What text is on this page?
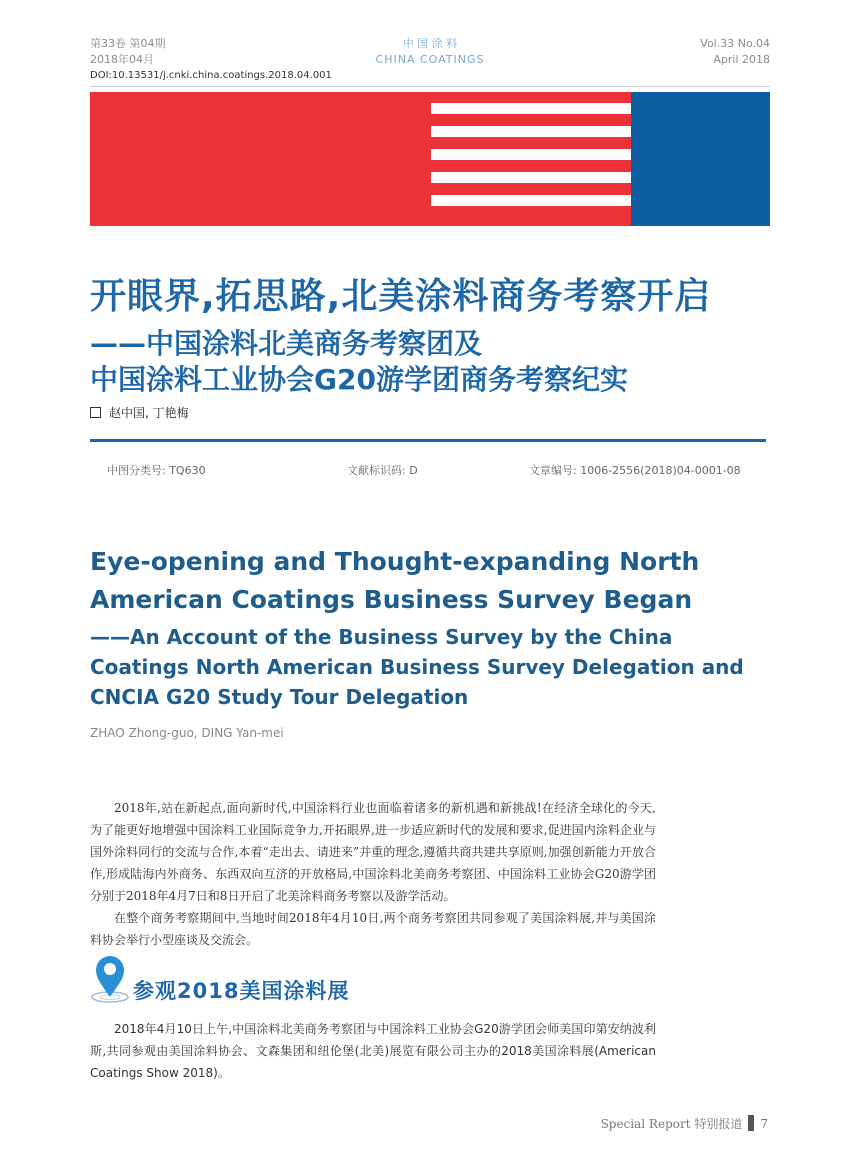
第33卷 第04期
2018年04月
中 国 涂 料
CHINA COATINGS
Vol.33 No.04
April 2018
DOI:10.13531/j.cnki.china.coatings.2018.04.001
开眼界,拓思路,北美涂料商务考察开启
——中国涂料北美商务考察团及
中国涂料工业协会G20游学团商务考察纪实
赵中国, 丁艳梅
中图分类号: TQ630	文献标识码: D	文章编号: 1006-2556(2018)04-0001-08
Eye-opening and Thought-expanding North American Coatings Business Survey Began
——An Account of the Business Survey by the China Coatings North American Business Survey Delegation and CNCIA G20 Study Tour Delegation
ZHAO Zhong-guo, DING Yan-mei
2018年,站在新起点,面向新时代,中国涂料行业也面临着诸多的新机遇和新挑战!在经济全球化的今天,为了能更好地增强中国涂料工业国际竞争力,开拓眼界,进一步适应新时代的发展和要求,促进国内涂料企业与国外涂料同行的交流与合作,本着“走出去、请进来”并重的理念,遵循共商共建共享原则,加强创新能力开放合作,形成陆海内外商务、东西双向互济的开放格局,中国涂料北美商务考察团、中国涂料工业协会G20游学团分别于2018年4月7日和8日开启了北美涂料商务考察以及游学活动。
在整个商务考察期间中,当地时间2018年4月10日,两个商务考察团共同参观了美国涂料展,并与美国涂料协会举行小型座谈及交流会。
参观2018美国涂料展
2018年4月10日上午,中国涂料北美商务考察团与中国涂料工业协会G20游学团会师美国印第安纳波利斯,共同参观由美国涂料协会、文森集团和纽伦堡(北美)展览有限公司主办的2018美国涂料展(American Coatings Show 2018)。
Special Report 特别报道 7
